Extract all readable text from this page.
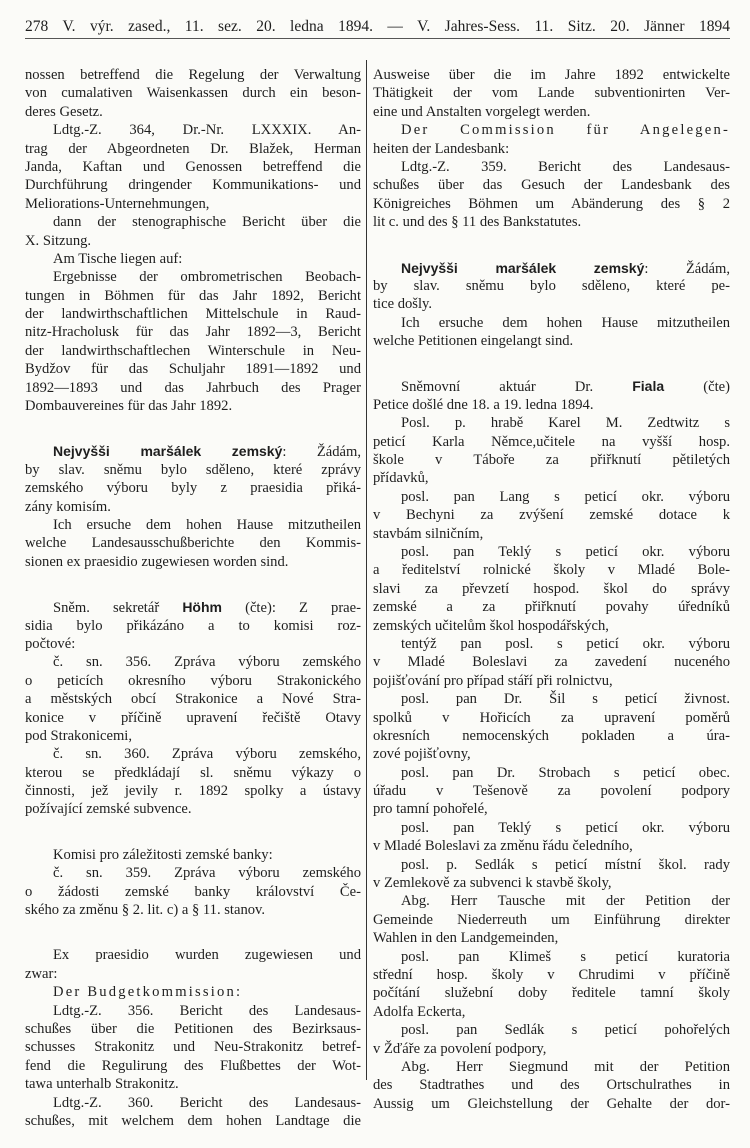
278 V. výr. zased., 11. sez. 20. ledna 1894. — V. Jahres-Sess. 11. Sitz. 20. Jänner 1894
nossen betreffend die Regelung der Verwaltung
von cumalativen Waisenkassen durch ein beson-
deres Gesetz.
Ldtg.-Z. 364, Dr.-Nr. LXXXIX. An-
trag der Abgeordneten Dr. Blažek, Herman
Janda, Kaftan und Genossen betreffend die
Durchführung dringender Kommunikations- und
Meliorations-Unternehmungen,
dann der stenographische Bericht über die
X. Sitzung.
Am Tische liegen auf:
Ergebnisse der ombrometrischen Beobach-
tungen in Böhmen für das Jahr 1892, Bericht
der landwirthschaftlichen Mittelschule in Raud-
nitz-Hracholusk für das Jahr 1892—3, Bericht
der landwirthschaftlechen Winterschule in Neu-
Bydžov für das Schuljahr 1891—1892 und
1892—1893 und das Jahrbuch des Prager
Dombauvereines für das Jahr 1892.
Nejvyšši maršálek zemský: Žádám,
by slav. sněmu bylo sděleno, které zprávy
zemského výboru byly z praesidia přiká-
zány komisím.
Ich ersuche dem hohen Hause mitzutheilen
welche Landesausschußberichte den Kommis-
sionen ex praesidio zugewiesen worden sind.
Sněm. sekretář Höhm (čte): Z prae-
sidia bylo přikázáno a to komisi roz-
počtové:
č. sn. 356. Zpráva výboru zemského
o peticích okresního výboru Strakonického
a městských obcí Strakonice a Nové Stra-
konice v příčině upravení řečiště Otavy
pod Strakonicemi,
č. sn. 360. Zpráva výboru zemského,
kterou se předkládají sl. sněmu výkazy o
činnosti, jež jevily r. 1892 spolky a ústavy
požívající zemské subvence.
Komisi pro záležitosti zemské banky:
č. sn. 359. Zpráva výboru zemského
o žádosti zemské banky království Če-
ského za změnu § 2. lit. c) a § 11. stanov.
Ex praesidio wurden zugewiesen und
zwar:
Der Budgetkommission:
Ldtg.-Z. 356. Bericht des Landesaus-
schußes über die Petitionen des Bezirksaus-
schusses Strakonitz und Neu-Strakonitz betref-
fend die Regulirung des Flußbettes der Wot-
tawa unterhalb Strakonitz.
Ldtg.-Z. 360. Bericht des Landesaus-
schußes, mit welchem dem hohen Landtage die
Ausweise über die im Jahre 1892 entwickelte
Thätigkeit der vom Lande subventionirten Ver-
eine und Anstalten vorgelegt werden.
Der Commission für Angelegen-
heiten der Landesbank:
Ldtg.-Z. 359. Bericht des Landesaus-
schußes über das Gesuch der Landesbank des
Königreiches Böhmen um Abänderung des § 2
lit c. und des § 11 des Bankstatutes.
Nejvyšši maršálek zemský: Žádám,
by slav. sněmu bylo sděleno, které pe-
tice došly.
Ich ersuche dem hohen Hause mitzutheilen
welche Petitionen eingelangt sind.
Sněmovní aktuár Dr. Fiala (čte)
Petice došlé dne 18. a 19. ledna 1894.
Posl. p. hrabě Karel M. Zedtwitz s
peticí Karla Němce,učitele na vyšší hosp.
škole v Táboře za přiřknutí pětiletých
přídavků,
posl. pan Lang s peticí okr. výboru
v Bechyni za zvýšení zemské dotace k
stavbám silničním,
posl. pan Teklý s peticí okr. výboru
a ředitelství rolnické školy v Mladé Bole-
slavi za převzetí hospod. škol do správy
zemské a za přiřknutí povahy úředníků
zemských učitelům škol hospodářských,
tentýž pan posl. s peticí okr. výboru
v Mladé Boleslavi za zavedení nuceného
pojišťování pro případ stáří při rolnictvu,
posl. pan Dr. Šil s peticí živnost.
spolků v Hořicích za upravení poměrů
okresních nemocenských pokladen a úra-
zové pojišťovny,
posl. pan Dr. Strobach s peticí obec.
úřadu v Tešenově za povolení podpory
pro tamní pohořelé,
posl. pan Teklý s peticí okr. výboru
v Mladé Boleslavi za změnu řádu čeledního,
posl. p. Sedlák s peticí místní škol. rady
v Zemlekově za subvenci k stavbě školy,
Abg. Herr Tausche mit der Petition der
Gemeinde Niederreuth um Einführung direkter
Wahlen in den Landgemeinden,
posl. pan Klimeš s peticí kuratoria
střední hosp. školy v Chrudimi v příčině
počítání služební doby ředitele tamní školy
Adolfa Eckerta,
posl. pan Sedlák s peticí pohořelých
v Žďáře za povolení podpory,
Abg. Herr Siegmund mit der Petition
des Stadtrathes und des Ortschulrathes in
Aussig um Gleichstellung der Gehalte der dor-
